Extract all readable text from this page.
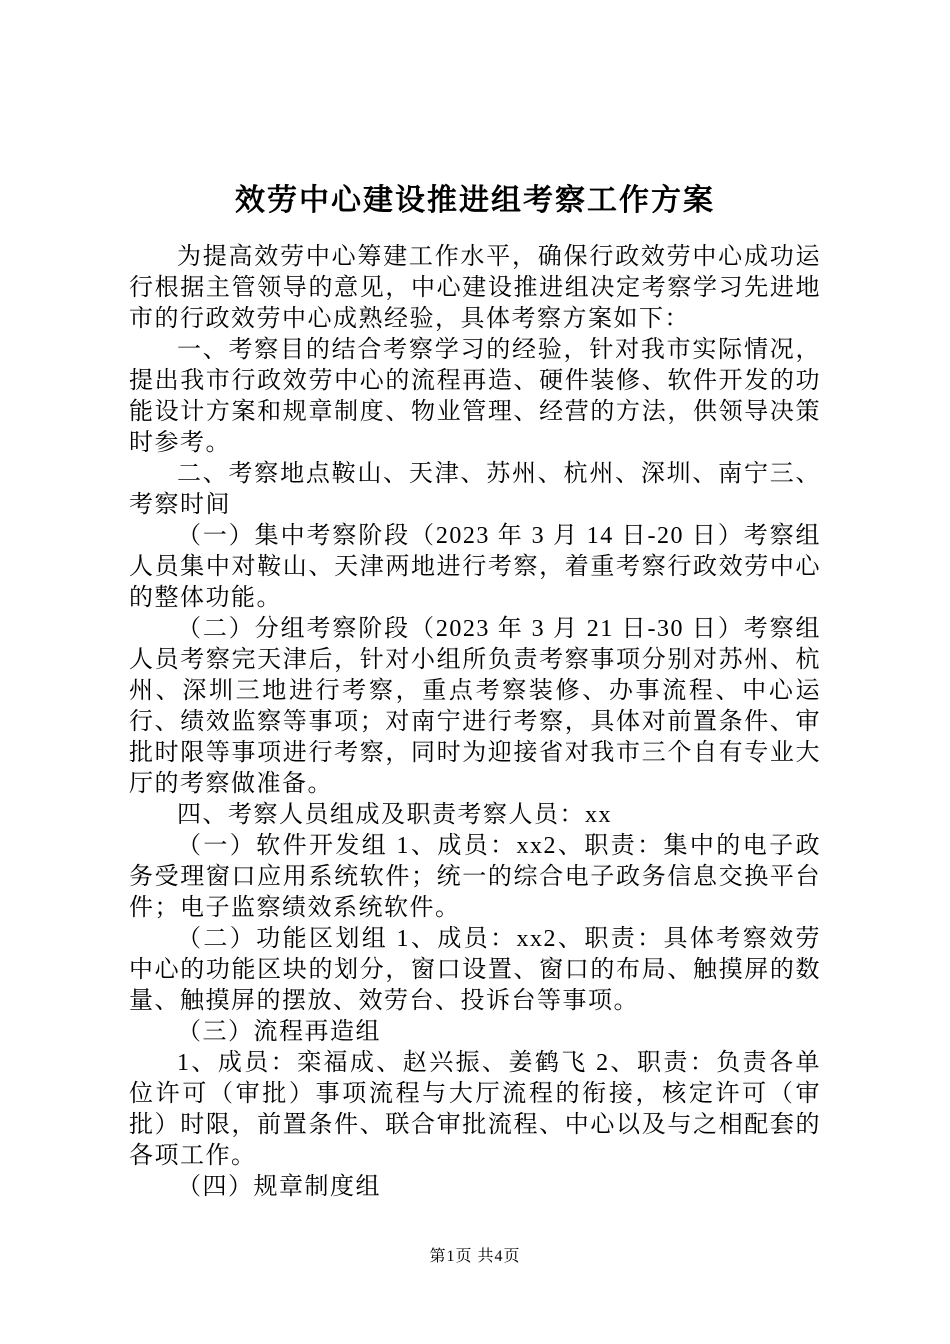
效劳中心建设推进组考察工作方案

为提高效劳中心筹建工作水平，确保行政效劳中心成功运行根据主管领导的意见，中心建设推进组决定考察学习先进地市的行政效劳中心成熟经验，具体考察方案如下：

一、考察目的结合考察学习的经验，针对我市实际情况，提出我市行政效劳中心的流程再造、硬件装修、软件开发的功能设计方案和规章制度、物业管理、经营的方法，供领导决策时参考。

二、考察地点鞍山、天津、苏州、杭州、深圳、南宁三、考察时间

（一）集中考察阶段（2023 年 3 月 14 日-20 日）考察组人员集中对鞍山、天津两地进行考察，着重考察行政效劳中心的整体功能。

（二）分组考察阶段（2023 年 3 月 21 日-30 日）考察组人员考察完天津后，针对小组所负责考察事项分别对苏州、杭州、深圳三地进行考察，重点考察装修、办事流程、中心运行、绩效监察等事项；对南宁进行考察，具体对前置条件、审批时限等事项进行考察，同时为迎接省对我市三个自有专业大厅的考察做准备。

四、考察人员组成及职责考察人员：xx

（一）软件开发组 1、成员：xx2、职责：集中的电子政务受理窗口应用系统软件；统一的综合电子政务信息交换平台件；电子监察绩效系统软件。

（二）功能区划组 1、成员：xx2、职责：具体考察效劳中心的功能区块的划分，窗口设置、窗口的布局、触摸屏的数量、触摸屏的摆放、效劳台、投诉台等事项。

（三）流程再造组

1、成员：栾福成、赵兴振、姜鹤飞 2、职责：负责各单位许可（审批）事项流程与大厅流程的衔接，核定许可（审批）时限，前置条件、联合审批流程、中心以及与之相配套的各项工作。

（四）规章制度组

第1页 共4页
